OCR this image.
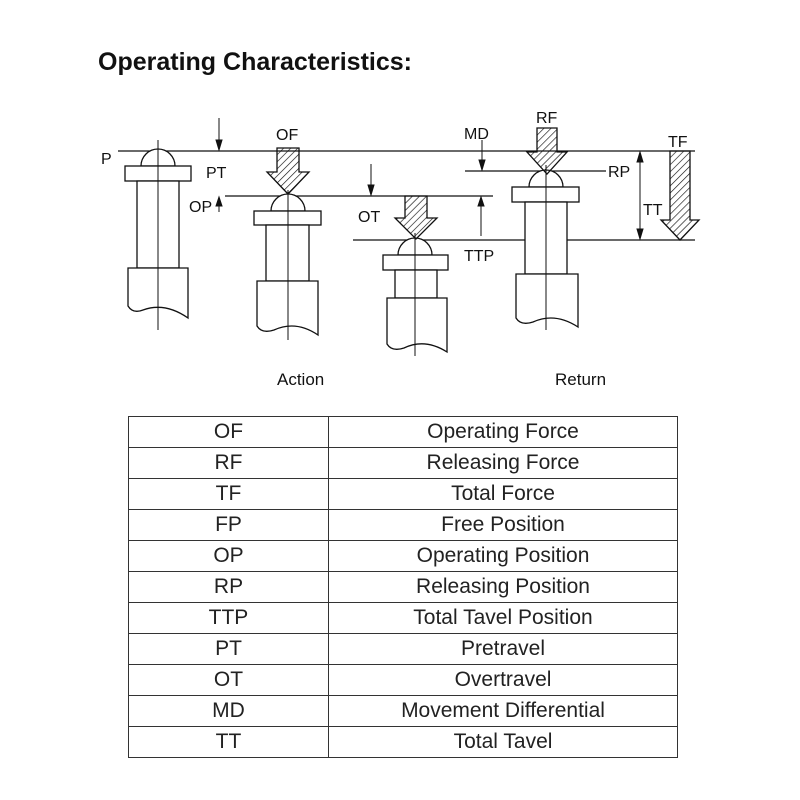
Operating Characteristics:
P
PT
OF
OP
OT
TTP
MD
RF
RP
TF
TT
Action	Return
OF	Operating Force
RF	Releasing Force
TF	Total Force
FP	Free Position
OP	Operating Position
RP	Releasing Position
TTP	Total Tavel Position
PT	Pretravel
OT	Overtravel
MD	Movement Differential
TT	Total Tavel
